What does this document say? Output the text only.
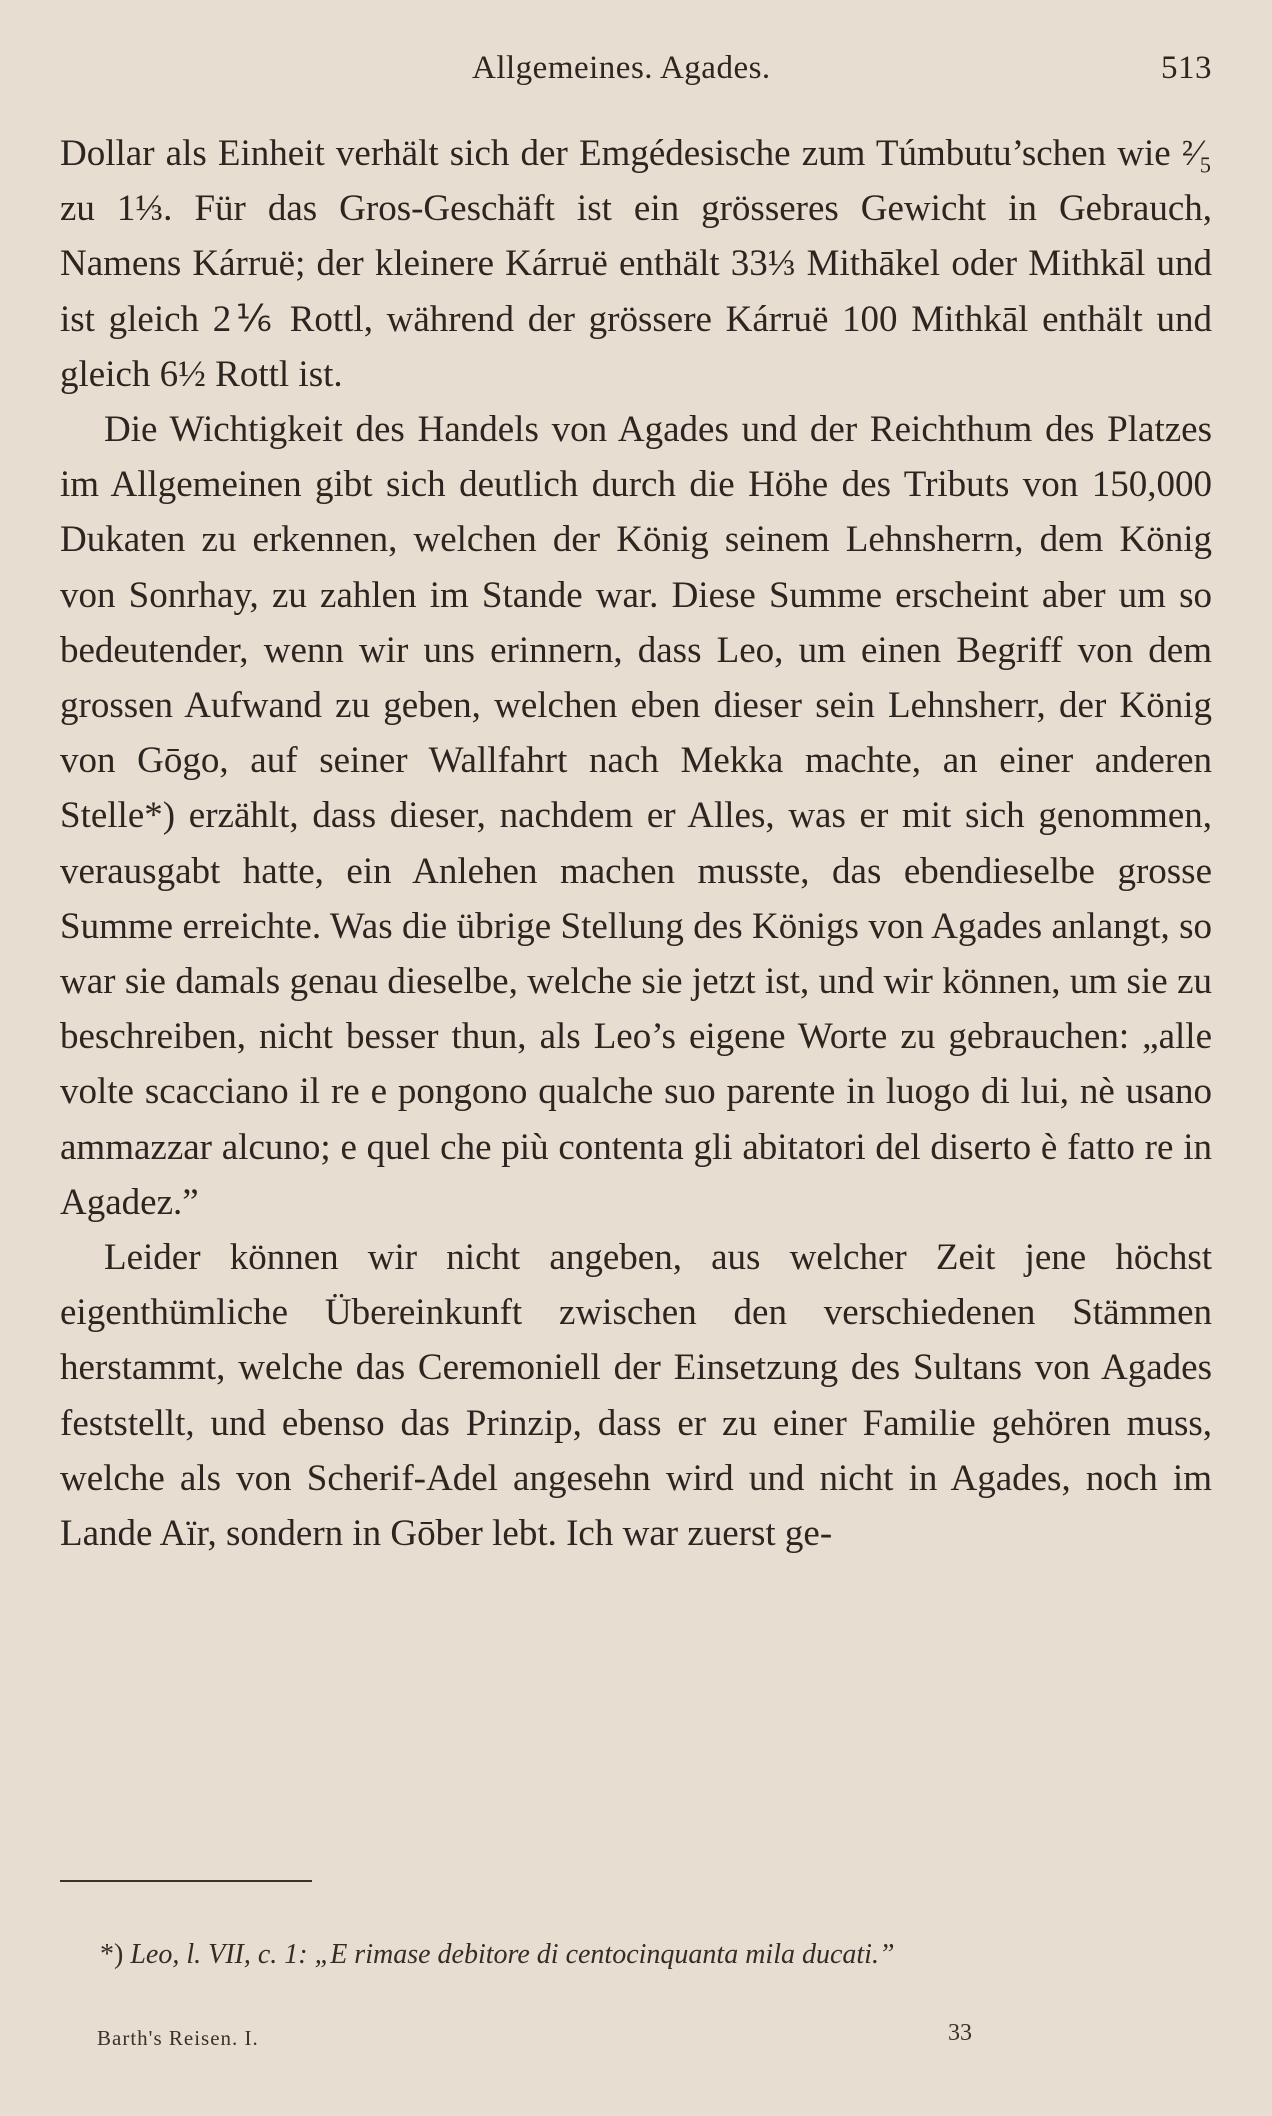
Allgemeines. Agades.	513

Dollar als Einheit verhält sich der Emgédesische zum Túmbutu’schen wie ²⁄₅ zu 1⅓. Für das Gros-Geschäft ist ein grösseres Gewicht in Gebrauch, Namens Kárruë; der kleinere Kárruë enthält 33⅓ Mithākel oder Mithkāl und ist gleich 2⅙ Rottl, während der grössere Kárruë 100 Mithkāl enthält und gleich 6½ Rottl ist.

Die Wichtigkeit des Handels von Agades und der Reichthum des Platzes im Allgemeinen gibt sich deutlich durch die Höhe des Tributs von 150,000 Dukaten zu erkennen, welchen der König seinem Lehnsherrn, dem König von Sonrhay, zu zahlen im Stande war. Diese Summe erscheint aber um so bedeutender, wenn wir uns erinnern, dass Leo, um einen Begriff von dem grossen Aufwand zu geben, welchen eben dieser sein Lehnsherr, der König von Gōgo, auf seiner Wallfahrt nach Mekka machte, an einer anderen Stelle*) erzählt, dass dieser, nachdem er Alles, was er mit sich genommen, verausgabt hatte, ein Anlehen machen musste, das ebendieselbe grosse Summe erreichte. Was die übrige Stellung des Königs von Agades anlangt, so war sie damals genau dieselbe, welche sie jetzt ist, und wir können, um sie zu beschreiben, nicht besser thun, als Leo’s eigene Worte zu gebrauchen: „alle volte scacciano il re e pongono qualche suo parente in luogo di lui, nè usano ammazzar alcuno; e quel che più contenta gli abitatori del diserto è fatto re in Agadez.”

Leider können wir nicht angeben, aus welcher Zeit jene höchst eigenthümliche Übereinkunft zwischen den verschiedenen Stämmen herstammt, welche das Ceremoniell der Einsetzung des Sultans von Agades feststellt, und ebenso das Prinzip, dass er zu einer Familie gehören muss, welche als von Scherif-Adel angesehn wird und nicht in Agades, noch im Lande Aïr, sondern in Gōber lebt. Ich war zuerst ge-

*) Leo, l. VII, c. 1: „E rimase debitore di centocinquanta mila ducati.”
Barth's Reisen. I.	33
